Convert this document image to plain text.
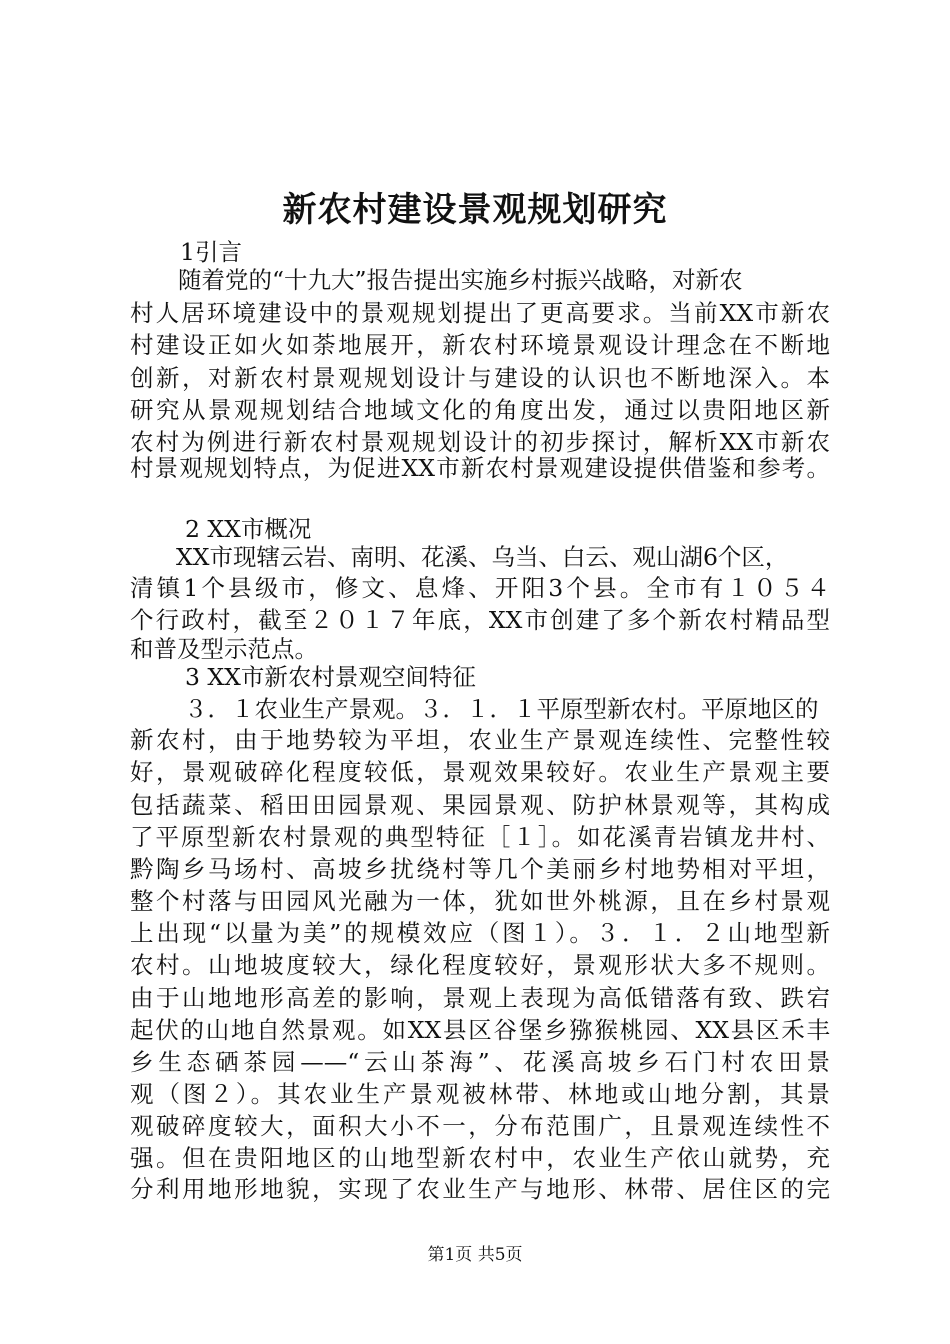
新农村建设景观规划研究
1引言
随着党的“十九大”报告提出实施乡村振兴战略，对新农
村人居环境建设中的景观规划提出了更高要求。当前XX市新农
村建设正如火如荼地展开，新农村环境景观设计理念在不断地
创新，对新农村景观规划设计与建设的认识也不断地深入。本
研究从景观规划结合地域文化的角度出发，通过以贵阳地区新
农村为例进行新农村景观规划设计的初步探讨，解析XX市新农
村景观规划特点，为促进XX市新农村景观建设提供借鉴和参考。
2 XX市概况
XX市现辖云岩、南明、花溪、乌当、白云、观山湖6个区，
清镇1个县级市，修文、息烽、开阳3个县。全市有１０５４
个行政村，截至２０１７年底，XX市创建了多个新农村精品型
和普及型示范点。
3 XX市新农村景观空间特征
３．１农业生产景观。３．１．１平原型新农村。平原地区的
新农村，由于地势较为平坦，农业生产景观连续性、完整性较
好，景观破碎化程度较低，景观效果较好。农业生产景观主要
包括蔬菜、稻田田园景观、果园景观、防护林景观等，其构成
了平原型新农村景观的典型特征［１］。如花溪青岩镇龙井村、
黔陶乡马场村、高坡乡扰绕村等几个美丽乡村地势相对平坦，
整个村落与田园风光融为一体，犹如世外桃源，且在乡村景观
上出现“以量为美”的规模效应（图１）。３．１．２山地型新
农村。山地坡度较大，绿化程度较好，景观形状大多不规则。
由于山地地形高差的影响，景观上表现为高低错落有致、跌宕
起伏的山地自然景观。如XX县区谷堡乡猕猴桃园、XX县区禾丰
乡生态硒茶园——“云山茶海”、花溪高坡乡石门村农田景
观（图２）。其农业生产景观被林带、林地或山地分割，其景
观破碎度较大，面积大小不一，分布范围广，且景观连续性不
强。但在贵阳地区的山地型新农村中，农业生产依山就势，充
分利用地形地貌，实现了农业生产与地形、林带、居住区的完
第1页 共5页
